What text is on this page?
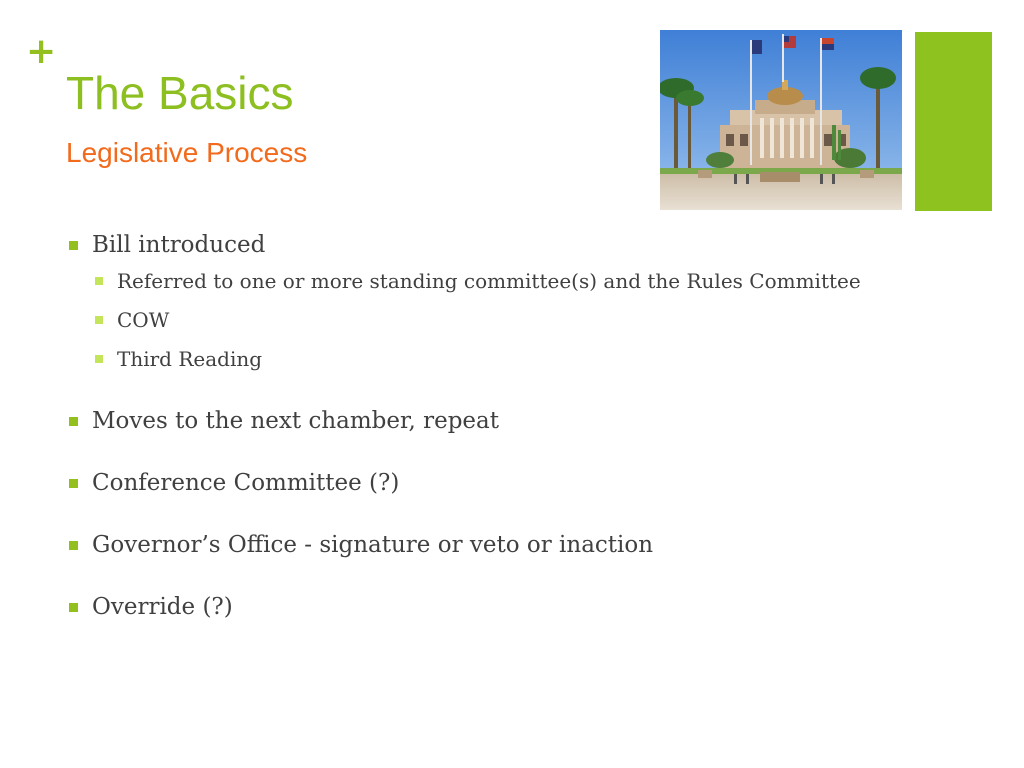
+
The Basics
Legislative Process
Bill introduced
Referred to one or more standing committee(s) and the Rules Committee
COW
Third Reading
Moves to the next chamber, repeat
Conference Committee (?)
Governor’s Office - signature or veto or inaction
Override (?)
